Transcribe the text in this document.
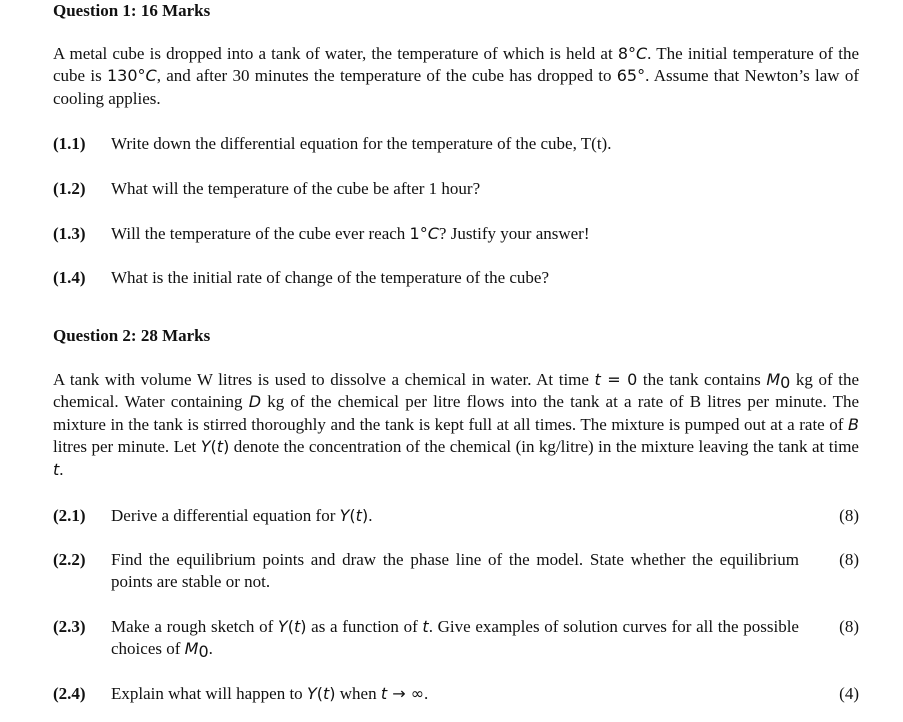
Question 1: 16 Marks
A metal cube is dropped into a tank of water, the temperature of which is held at 8°C. The initial temperature of the cube is 130°C, and after 30 minutes the temperature of the cube has dropped to 65°. Assume that Newton’s law of cooling applies.
(1.1) Write down the differential equation for the temperature of the cube, T(t).
(1.2) What will the temperature of the cube be after 1 hour?
(1.3) Will the temperature of the cube ever reach 1°C? Justify your answer!
(1.4) What is the initial rate of change of the temperature of the cube?
Question 2: 28 Marks
A tank with volume W litres is used to dissolve a chemical in water. At time t = 0 the tank contains $M_0$ kg of the chemical. Water containing D kg of the chemical per litre flows into the tank at a rate of B litres per minute. The mixture in the tank is stirred thoroughly and the tank is kept full at all times. The mixture is pumped out at a rate of B litres per minute. Let Y(t) denote the concentration of the chemical (in kg/litre) in the mixture leaving the tank at time t.
(2.1) Derive a differential equation for Y(t).	(8)
(2.2) Find the equilibrium points and draw the phase line of the model. State whether the equilibrium points are stable or not.
(8)
(2.3) Make a rough sketch of Y(t) as a function of t. Give examples of solution curves for all the possible choices of $M_0$.
(8)
(2.4) Explain what will happen to Y(t) when t → ∞.	(4)
